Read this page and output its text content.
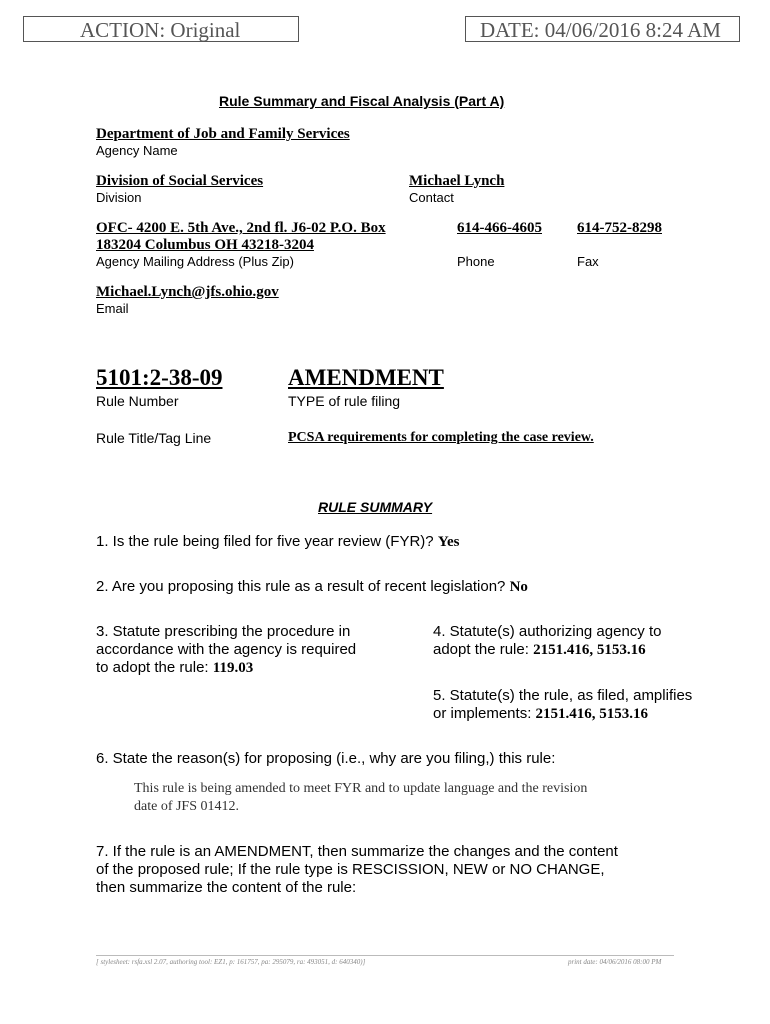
ACTION: Original	DATE: 04/06/2016 8:24 AM
Rule Summary and Fiscal Analysis (Part A)
Department of Job and Family Services
Agency Name
Division of Social Services
Division
Michael Lynch
Contact
OFC- 4200 E. 5th Ave., 2nd fl. J6-02 P.O. Box
183204 Columbus OH 43218-3204
Agency Mailing Address (Plus Zip)
614-466-4605
Phone
614-752-8298
Fax
Michael.Lynch@jfs.ohio.gov
Email
5101:2-38-09
Rule Number
AMENDMENT
TYPE of rule filing
Rule Title/Tag Line	PCSA requirements for completing the case review.
RULE SUMMARY
1. Is the rule being filed for five year review (FYR)? Yes
2. Are you proposing this rule as a result of recent legislation? No
3. Statute prescribing the procedure in
accordance with the agency is required
to adopt the rule: 119.03
4. Statute(s) authorizing agency to
adopt the rule: 2151.416, 5153.16
5. Statute(s) the rule, as filed, amplifies
or implements: 2151.416, 5153.16
6. State the reason(s) for proposing (i.e., why are you filing,) this rule:
This rule is being amended to meet FYR and to update language and the revision
date of JFS 01412.
7. If the rule is an AMENDMENT, then summarize the changes and the content
of the proposed rule; If the rule type is RESCISSION, NEW or NO CHANGE,
then summarize the content of the rule:
[ stylesheet: rsfa.xsl 2.07, authoring tool: EZ1, p: 161757, pa: 295079, ra: 493051, d: 640340)]	print date: 04/06/2016 08:00 PM
